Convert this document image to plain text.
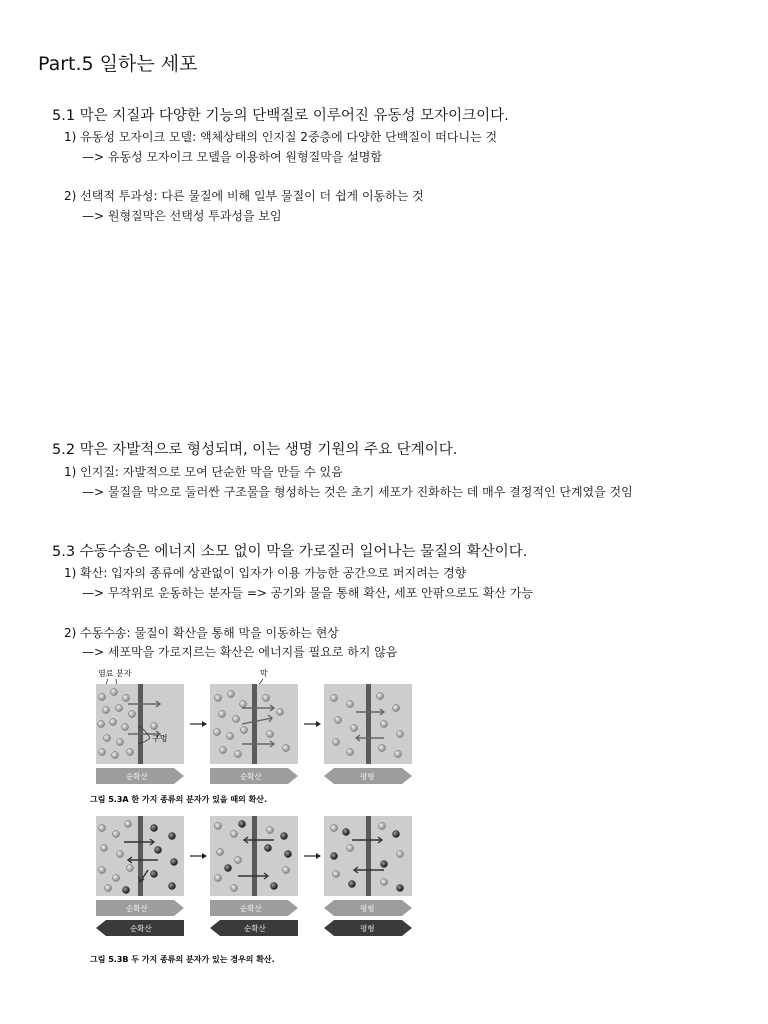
Part.5 일하는 세포
5.1 막은 지질과 다양한 기능의 단백질로 이루어진 유동성 모자이크이다.
1) 유동성 모자이크 모델: 액체상태의 인지질 2중층에 다양한 단백질이 떠다니는 것
—> 유동성 모자이크 모델을 이용하여 원형질막을 설명함
2) 선택적 투과성: 다른 물질에 비해 일부 물질이 더 쉽게 이동하는 것
—> 원형질막은 선택성 투과성을 보임
5.2 막은 자발적으로 형성되며, 이는 생명 기원의 주요 단계이다.
1) 인지질: 자발적으로 모여 단순한 막을 만들 수 있음
—> 물질을 막으로 둘러싼 구조물을 형성하는 것은 초기 세포가 진화하는 데 매우 결정적인 단계였을 것임
5.3 수동수송은 에너지 소모 없이 막을 가로질러 일어나는 물질의 확산이다.
1) 확산: 입자의 종류에 상관없이 입자가 이용 가능한 공간으로 퍼지려는 경향
—> 무작위로 운동하는 분자들 => 공기와 물을 통해 확산, 세포 안팎으로도 확산 가능
2) 수동수송: 물질이 확산을 통해 막을 이동하는 현상
—> 세포막을 가로지르는 확산은 에너지를 필요로 하지 않음
염료 분자	막
구멍
순확산	순확산	평형
그림 5.3A 한 가지 종류의 분자가 있을 때의 확산.
순확산
순확산
순확산
순확산
평형
평형
그림 5.3B 두 가지 종류의 분자가 있는 경우의 확산.
